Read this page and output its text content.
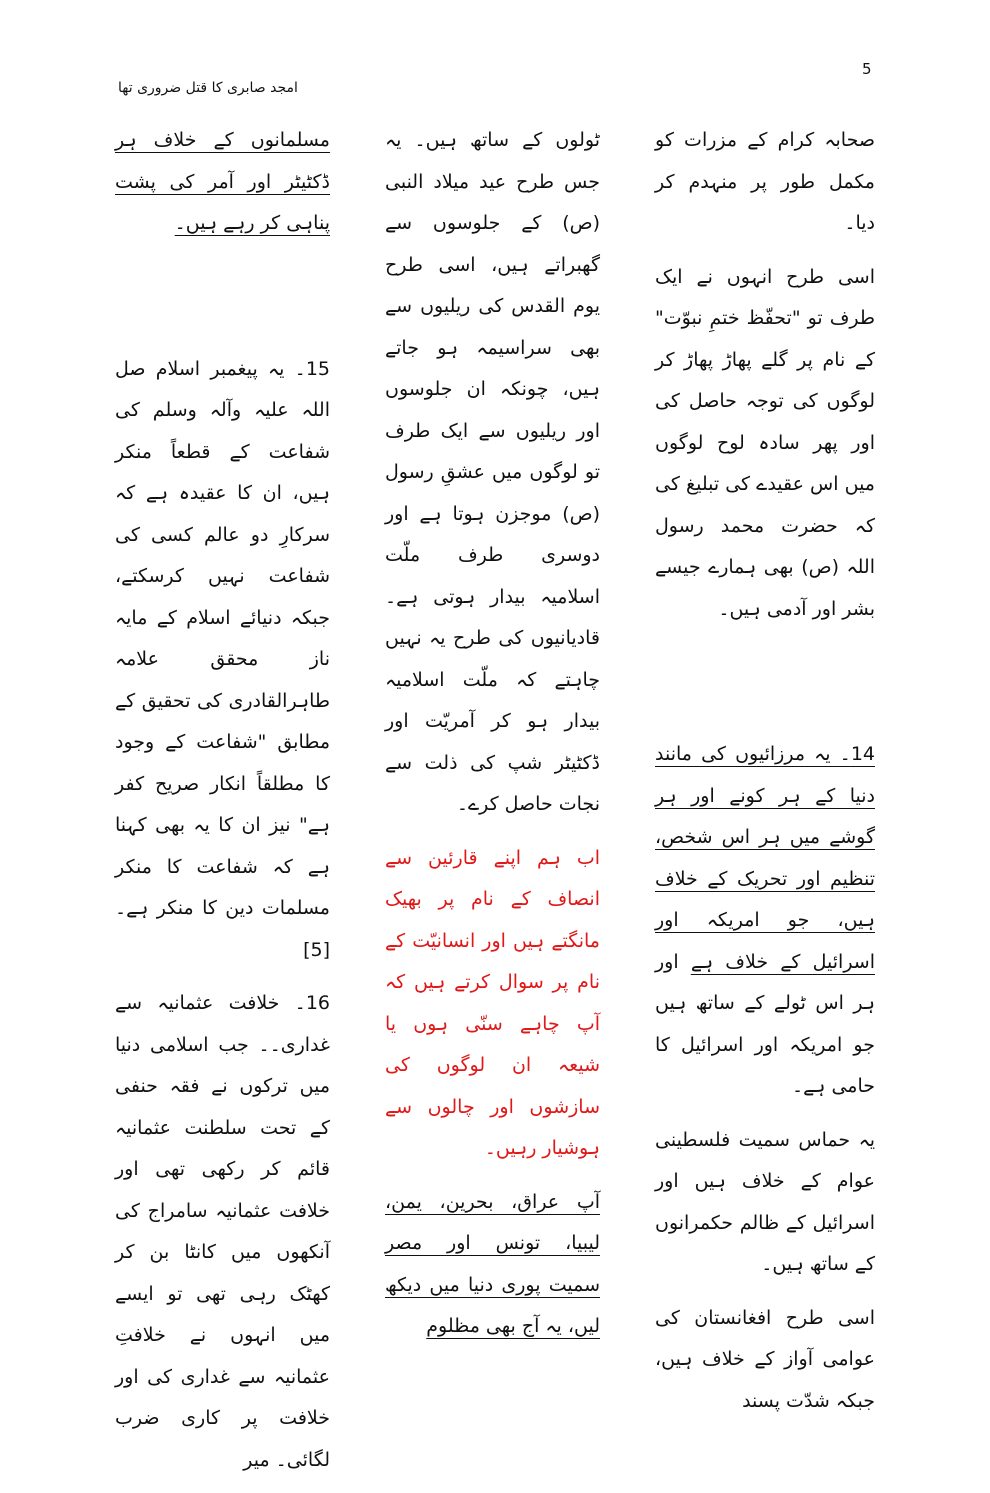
5
امجد صابری کا قتل ضروری تھا

صحابہ کرام کے مزرات کو مکمل طور پر منہدم کر دیا۔

اسی طرح انہوں نے ایک طرف تو "تحفّظ ختمِ نبوّت" کے نام پر گلے پھاڑ پھاڑ کر لوگوں کی توجہ حاصل کی اور پھر سادہ لوح لوگوں میں اس عقیدے کی تبلیغ کی کہ حضرت محمد رسول اللہ (ص) بھی ہمارے جیسے بشر اور آدمی ہیں۔

14۔ یہ مرزائیوں کی مانند دنیا کے ہر کونے اور ہر گوشے میں ہر اس شخص، تنظیم اور تحریک کے خلاف ہیں، جو امریکہ اور اسرائیل کے خلاف ہے اور ہر اس ٹولے کے ساتھ ہیں جو امریکہ اور اسرائیل کا حامی ہے۔

یہ حماس سمیت فلسطینی عوام کے خلاف ہیں اور اسرائیل کے ظالم حکمرانوں کے ساتھ ہیں۔

اسی طرح افغانستان کی عوامی آواز کے خلاف ہیں، جبکہ شدّت پسند

ٹولوں کے ساتھ ہیں۔ یہ جس طرح عید میلاد النبی (ص) کے جلوسوں سے گھبراتے ہیں، اسی طرح یوم القدس کی ریلیوں سے بھی سراسیمہ ہو جاتے ہیں، چونکہ ان جلوسوں اور ریلیوں سے ایک طرف تو لوگوں میں عشقِ رسول (ص) موجزن ہوتا ہے اور دوسری طرف ملّت اسلامیہ بیدار ہوتی ہے۔ قادیانیوں کی طرح یہ نہیں چاہتے کہ ملّت اسلامیہ بیدار ہو کر آمریّت اور ڈکٹیٹر شپ کی ذلت سے نجات حاصل کرے۔

اب ہم اپنے قارئین سے انصاف کے نام پر بھیک مانگتے ہیں اور انسانیّت کے نام پر سوال کرتے ہیں کہ آپ چاہے سنّی ہوں یا شیعہ ان لوگوں کی سازشوں اور چالوں سے ہوشیار رہیں۔

آپ عراق، بحرین، یمن، لیبیا، تونس اور مصر سمیت پوری دنیا میں دیکھ لیں، یہ آج بھی مظلوم

مسلمانوں کے خلاف ہر ڈکٹیٹر اور آمر کی پشت پناہی کر رہے ہیں۔

15۔ یہ پیغمبر اسلام صل اللہ علیہ وآلہ وسلم کی شفاعت کے قطعاً منکر ہیں، ان کا عقیدہ ہے کہ سرکارِ دو عالم کسی کی شفاعت نہیں کرسکتے، جبکہ دنیائے اسلام کے مایہ ناز محقق علامہ طاہرالقادری کی تحقیق کے مطابق "شفاعت کے وجود کا مطلقاً انکار صریح کفر ہے" نیز ان کا یہ بھی کہنا ہے کہ شفاعت کا منکر مسلمات دین کا منکر ہے۔[5]

16۔ خلافت عثمانیہ سے غداری۔۔ جب اسلامی دنیا میں ترکوں نے فقہ حنفی کے تحت سلطنت عثمانیہ قائم کر رکھی تھی اور خلافت عثمانیہ سامراج کی آنکھوں میں کانٹا بن کر کھٹک رہی تھی تو ایسے میں انہوں نے خلافتِ عثمانیہ سے غداری کی اور خلافت پر کاری ضرب لگائی۔ میر
